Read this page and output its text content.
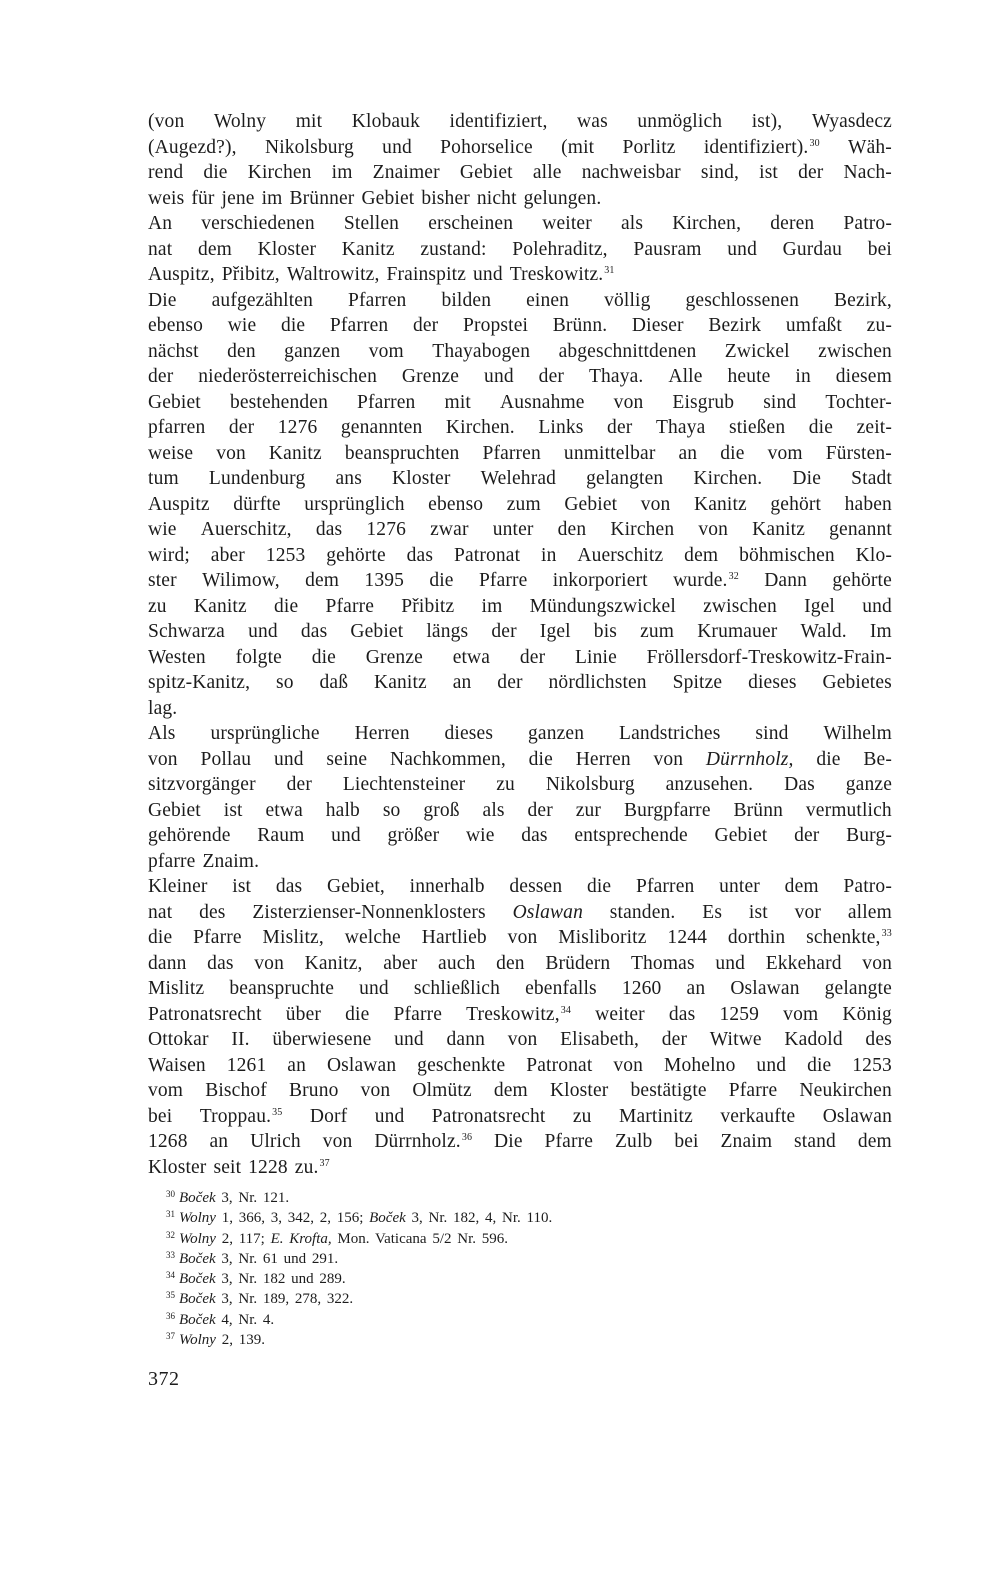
(von Wolny mit Klobauk identifiziert, was unmöglich ist), Wyasdecz
(Augezd?), Nikolsburg und Pohorselice (mit Porlitz identifiziert).$^{30}$ Wäh-
rend die Kirchen im Znaimer Gebiet alle nachweisbar sind, ist der Nach-
weis für jene im Brünner Gebiet bisher nicht gelungen.
An verschiedenen Stellen erscheinen weiter als Kirchen, deren Patro-
nat dem Kloster Kanitz zustand: Polehraditz, Pausram und Gurdau bei
Auspitz, Přibitz, Waltrowitz, Frainspitz und Treskowitz.$^{31}$
Die aufgezählten Pfarren bilden einen völlig geschlossenen Bezirk,
ebenso wie die Pfarren der Propstei Brünn. Dieser Bezirk umfaßt zu-
nächst den ganzen vom Thayabogen abgeschnittdenen Zwickel zwischen
der niederösterreichischen Grenze und der Thaya. Alle heute in diesem
Gebiet bestehenden Pfarren mit Ausnahme von Eisgrub sind Tochter-
pfarren der 1276 genannten Kirchen. Links der Thaya stießen die zeit-
weise von Kanitz beanspruchten Pfarren unmittelbar an die vom Fürsten-
tum Lundenburg ans Kloster Welehrad gelangten Kirchen. Die Stadt
Auspitz dürfte ursprünglich ebenso zum Gebiet von Kanitz gehört haben
wie Auerschitz, das 1276 zwar unter den Kirchen von Kanitz genannt
wird; aber 1253 gehörte das Patronat in Auerschitz dem böhmischen Klo-
ster Wilimow, dem 1395 die Pfarre inkorporiert wurde.$^{32}$ Dann gehörte
zu Kanitz die Pfarre Přibitz im Mündungszwickel zwischen Igel und
Schwarza und das Gebiet längs der Igel bis zum Krumauer Wald. Im
Westen folgte die Grenze etwa der Linie Fröllersdorf-Treskowitz-Frain-
spitz-Kanitz, so daß Kanitz an der nördlichsten Spitze dieses Gebietes
lag.
Als ursprüngliche Herren dieses ganzen Landstriches sind Wilhelm
von Pollau und seine Nachkommen, die Herren von Dürrnholz, die Be-
sitzvorgänger der Liechtensteiner zu Nikolsburg anzusehen. Das ganze
Gebiet ist etwa halb so groß als der zur Burgpfarre Brünn vermutlich
gehörende Raum und größer wie das entsprechende Gebiet der Burg-
pfarre Znaim.
Kleiner ist das Gebiet, innerhalb dessen die Pfarren unter dem Patro-
nat des Zisterzienser-Nonnenklosters Oslawan standen. Es ist vor allem
die Pfarre Mislitz, welche Hartlieb von Misliboritz 1244 dorthin schenkte,$^{33}$
dann das von Kanitz, aber auch den Brüdern Thomas und Ekkehard von
Mislitz beanspruchte und schließlich ebenfalls 1260 an Oslawan gelangte
Patronatsrecht über die Pfarre Treskowitz,$^{34}$ weiter das 1259 vom König
Ottokar II. überwiesene und dann von Elisabeth, der Witwe Kadold des
Waisen 1261 an Oslawan geschenkte Patronat von Mohelno und die 1253
vom Bischof Bruno von Olmütz dem Kloster bestätigte Pfarre Neukirchen
bei Troppau.$^{35}$ Dorf und Patronatsrecht zu Martinitz verkaufte Oslawan
1268 an Ulrich von Dürrnholz.$^{36}$ Die Pfarre Zulb bei Znaim stand dem
Kloster seit 1228 zu.$^{37}$
$^{30}$ Boček 3, Nr. 121.
$^{31}$ Wolny 1, 366, 3, 342, 2, 156; Boček 3, Nr. 182, 4, Nr. 110.
$^{32}$ Wolny 2, 117; E. Krofta, Mon. Vaticana 5/2 Nr. 596.
$^{33}$ Boček 3, Nr. 61 und 291.
$^{34}$ Boček 3, Nr. 182 und 289.
$^{35}$ Boček 3, Nr. 189, 278, 322.
$^{36}$ Boček 4, Nr. 4.
$^{37}$ Wolny 2, 139.
372
